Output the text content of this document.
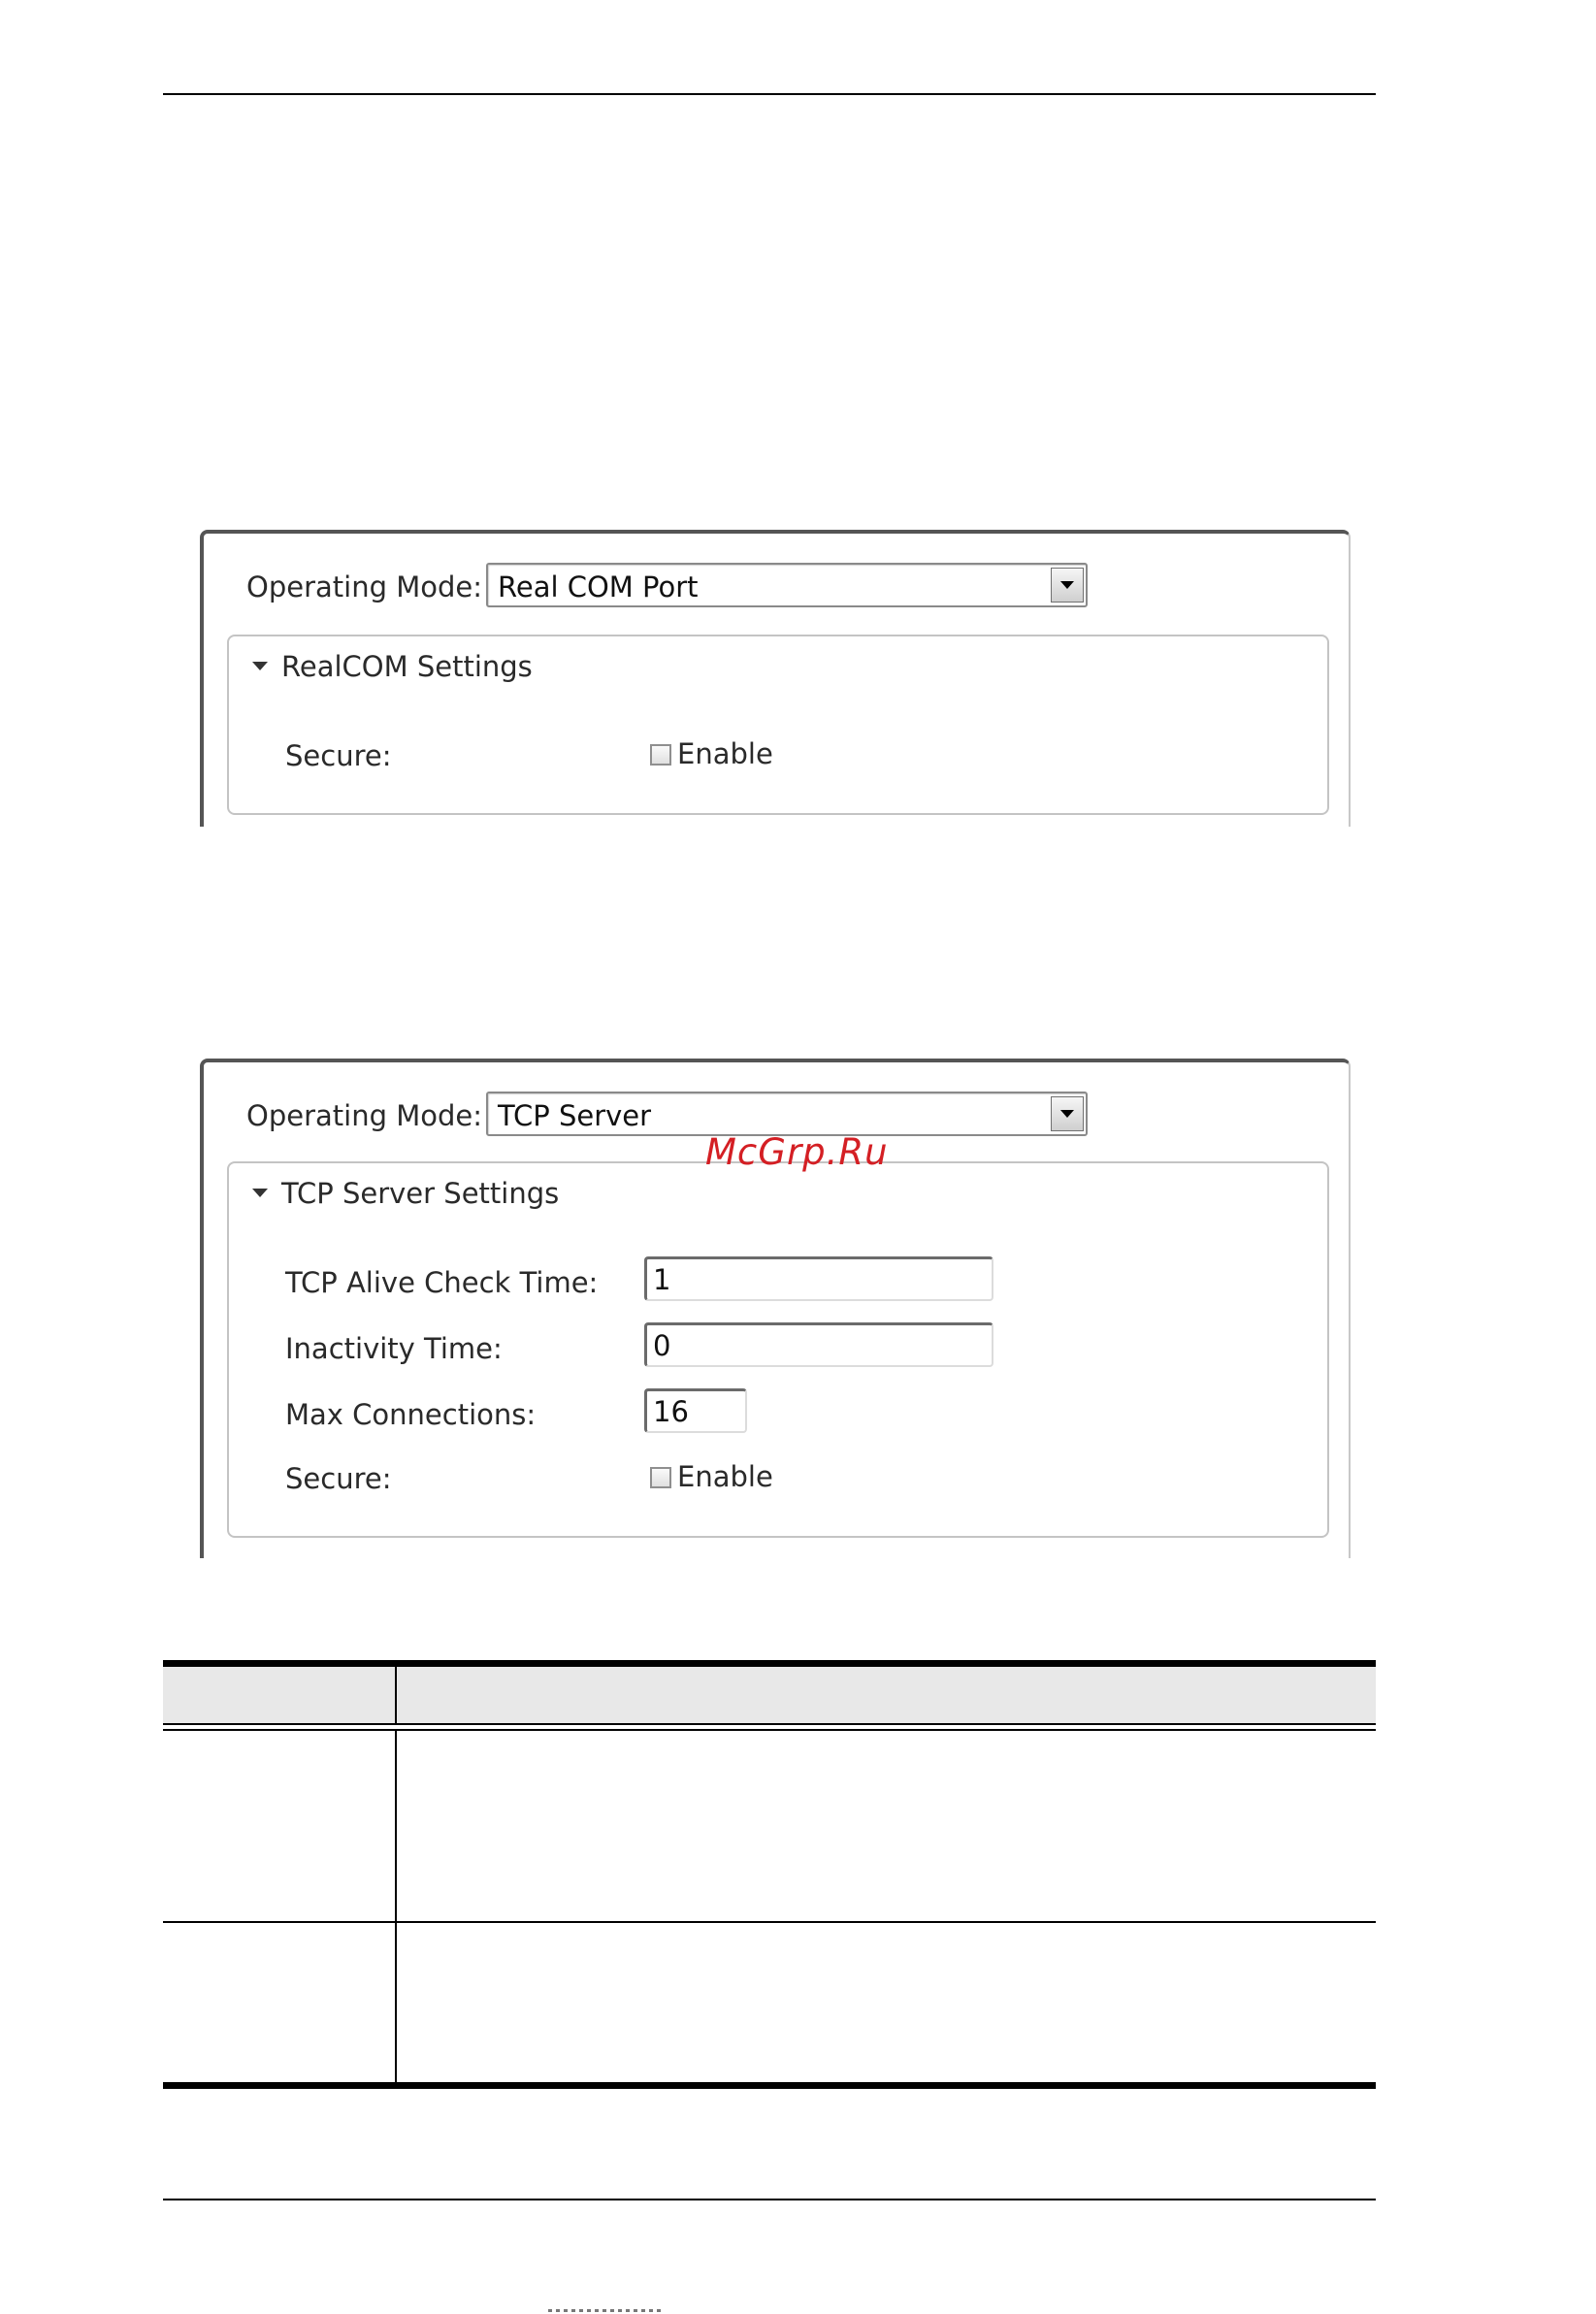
Operating Mode: Real COM Port
RealCOM Settings
Secure:	Enable
Operating Mode: TCP Server
TCP Server Settings
TCP Alive Check Time: 1
Inactivity Time:	0
Max Connections:	16
Secure:	Enable
McGrp.Ru
